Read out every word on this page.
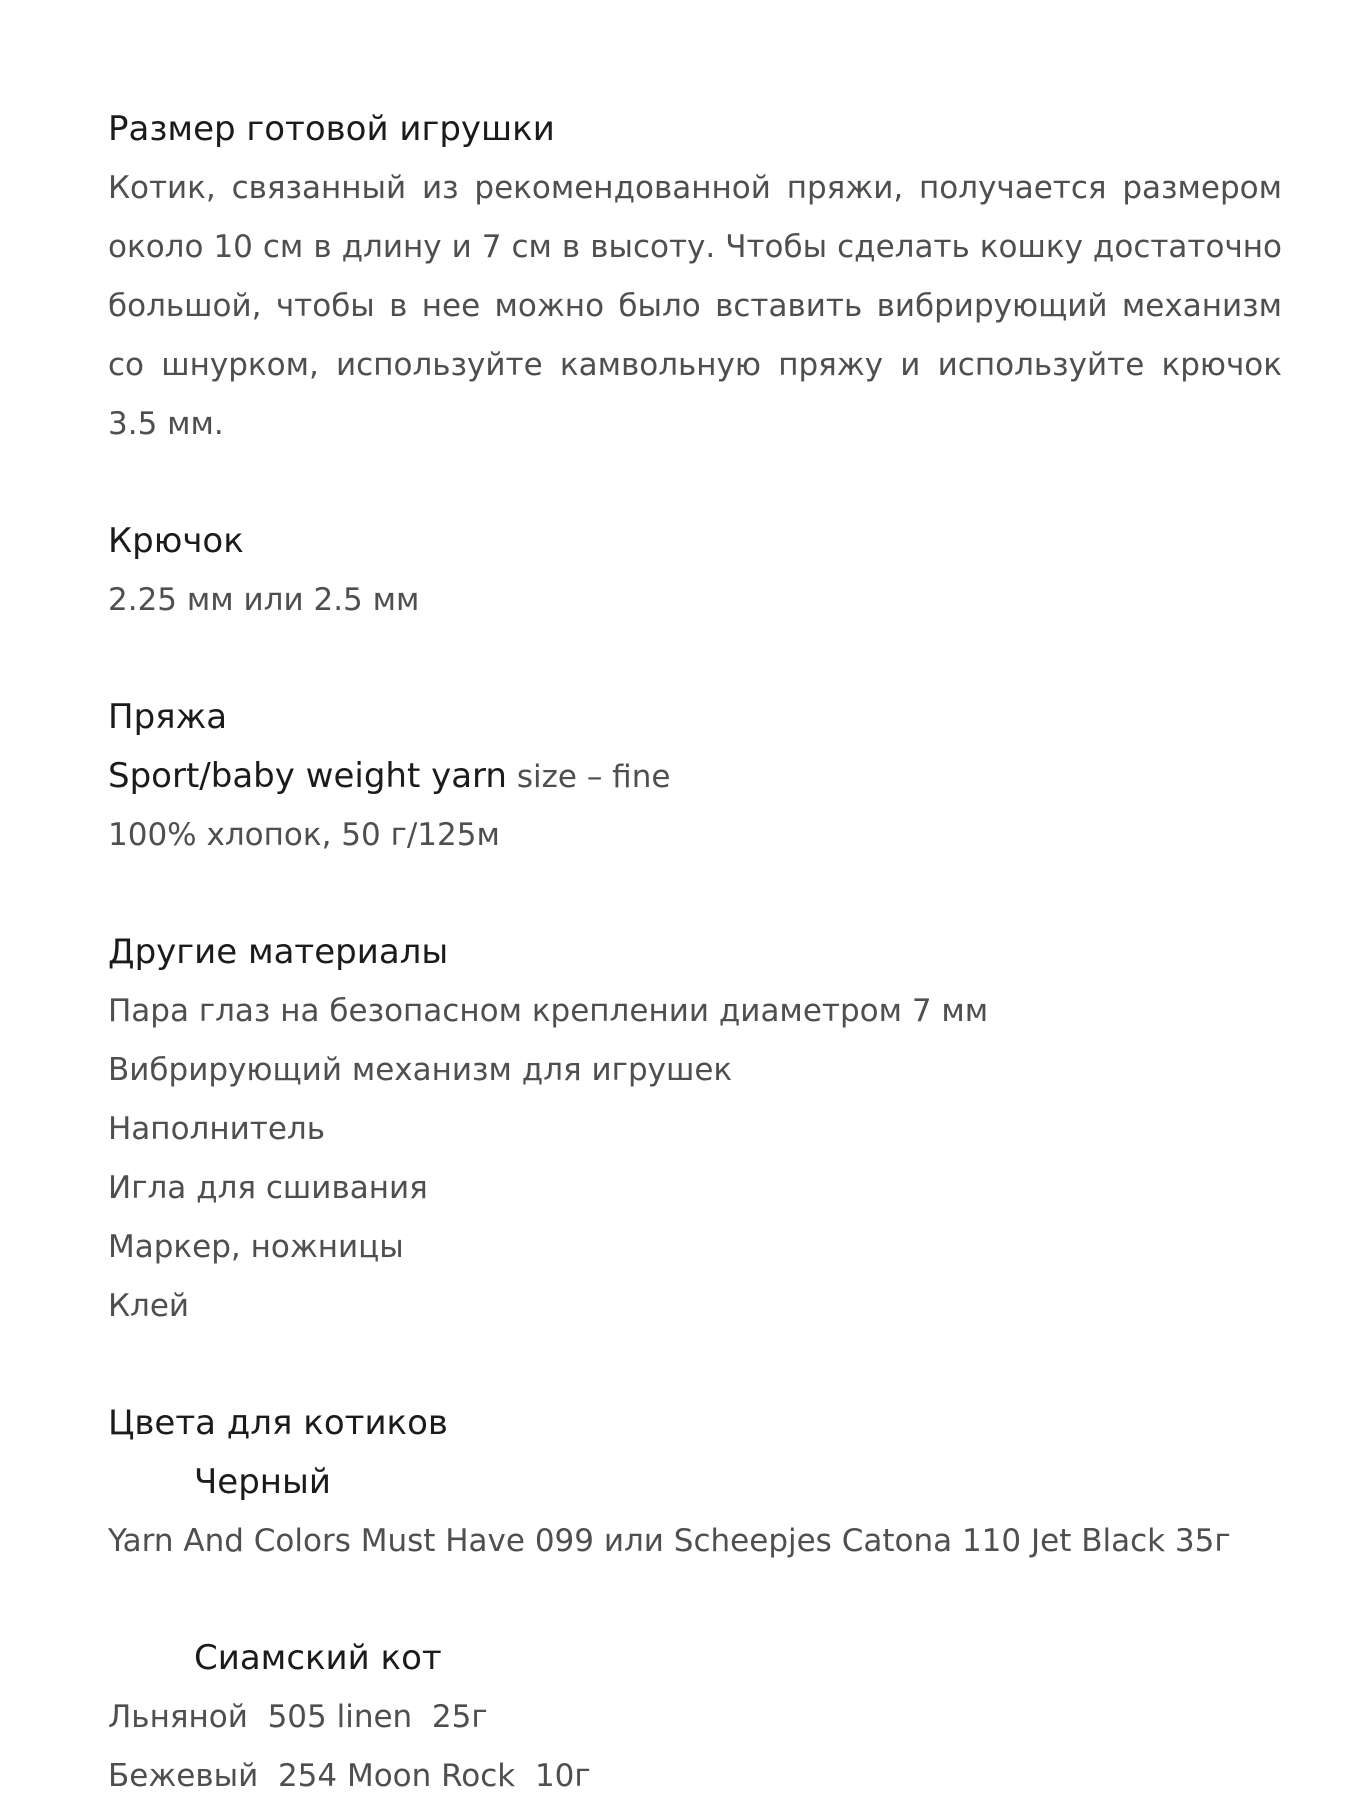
Размер готовой игрушки

Котик, связанный из рекомендованной пряжи, получается размером около 10 см в длину и 7 см в высоту. Чтобы сделать кошку достаточно большой, чтобы в нее можно было вставить вибрирующий механизм со шнурком, используйте камвольную пряжу и используйте крючок 3.5 мм.

Крючок
2.25 мм или 2.5 мм
Пряжа
Sport/baby weight yarn size – fine
100% хлопок, 50 г/125м
Другие материалы
Пара глаз на безопасном креплении диаметром 7 мм
Вибрирующий механизм для игрушек
Наполнитель
Игла для сшивания
Маркер, ножницы
Клей
Цвета для котиков
Черный
Yarn And Colors Must Have 099 или Scheepjes Catona 110 Jet Black 35г
Сиамский кот
Льняной  505 linen  25г
Бежевый  254 Moon Rock  10г
